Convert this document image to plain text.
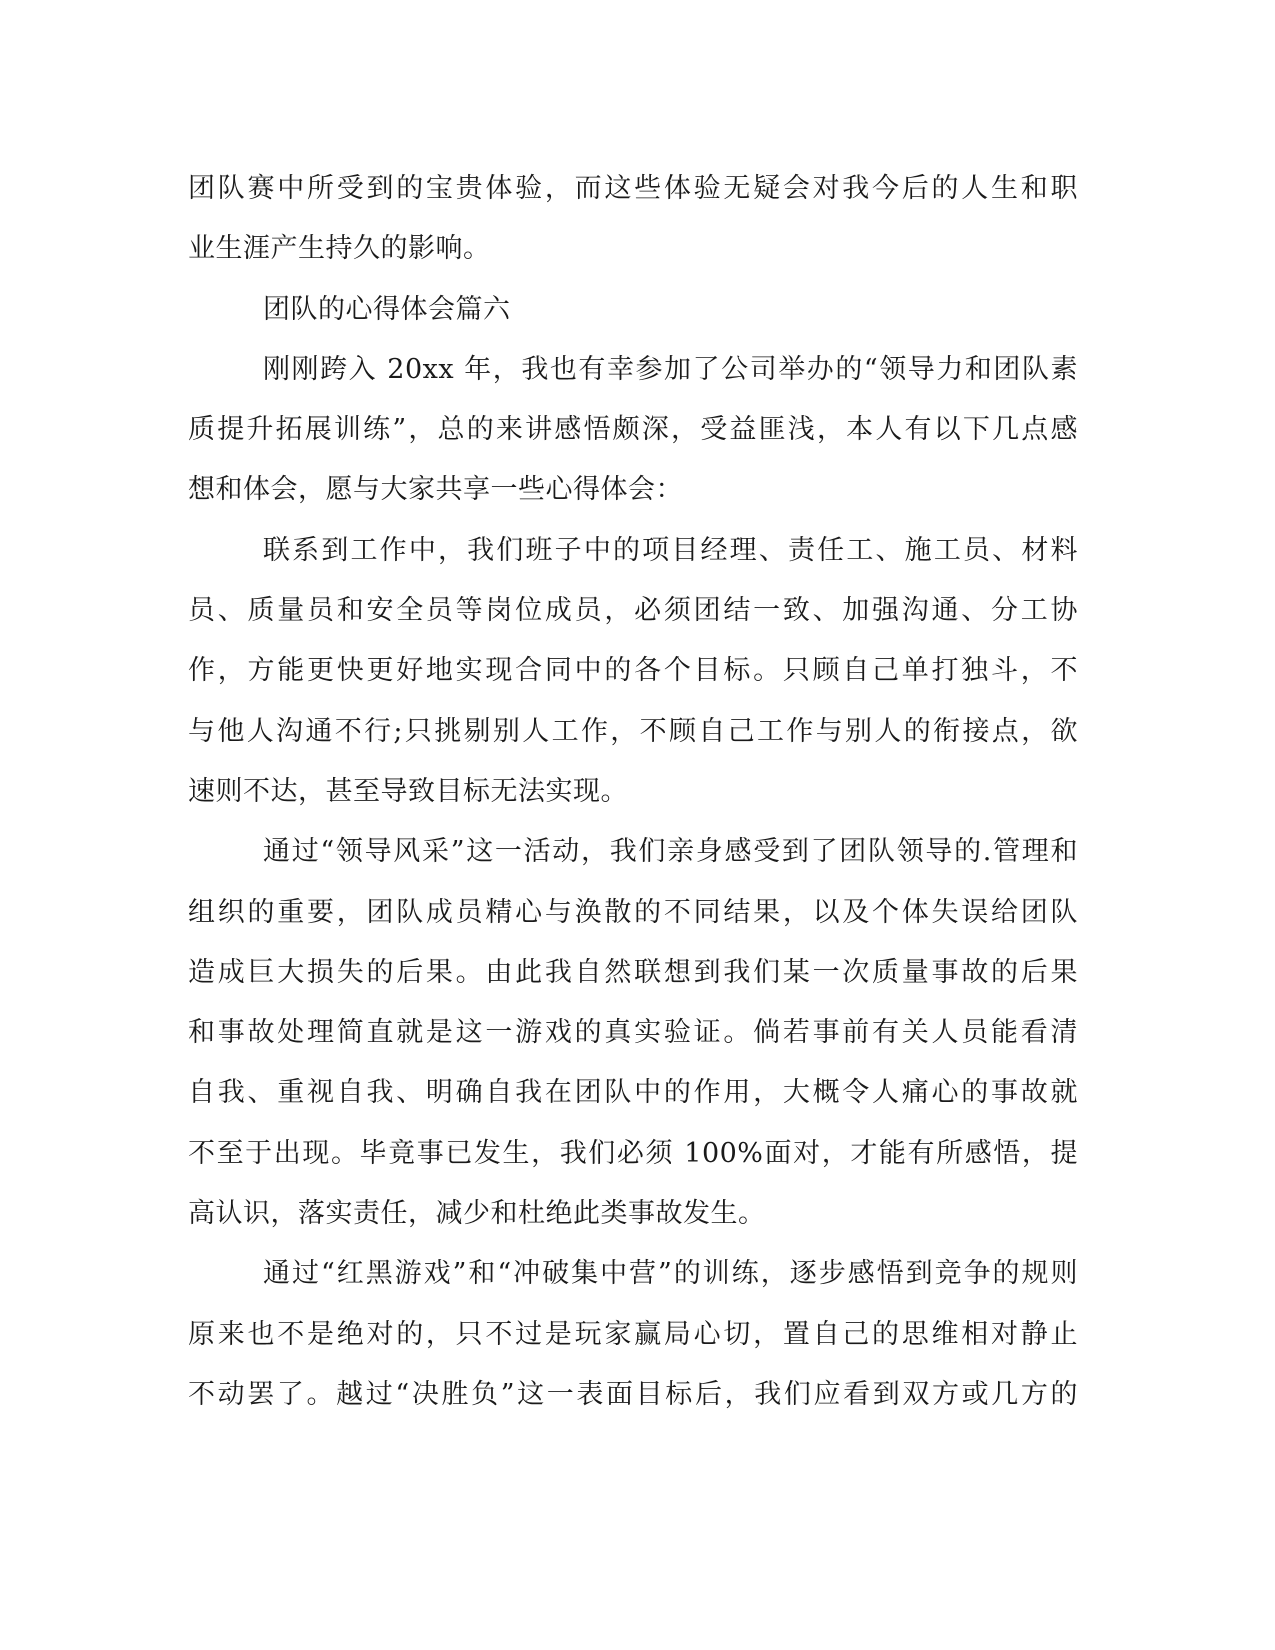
团队赛中所受到的宝贵体验，而这些体验无疑会对我今后的人生和职
业生涯产生持久的影响。
团队的心得体会篇六
刚刚跨入 20xx 年，我也有幸参加了公司举办的“领导力和团队素
质提升拓展训练”，总的来讲感悟颇深，受益匪浅，本人有以下几点感
想和体会，愿与大家共享一些心得体会：
联系到工作中，我们班子中的项目经理、责任工、施工员、材料
员、质量员和安全员等岗位成员，必须团结一致、加强沟通、分工协
作，方能更快更好地实现合同中的各个目标。只顾自己单打独斗，不
与他人沟通不行;只挑剔别人工作，不顾自己工作与别人的衔接点，欲
速则不达，甚至导致目标无法实现。
通过“领导风采”这一活动，我们亲身感受到了团队领导的.管理和
组织的重要，团队成员精心与涣散的不同结果，以及个体失误给团队
造成巨大损失的后果。由此我自然联想到我们某一次质量事故的后果
和事故处理简直就是这一游戏的真实验证。倘若事前有关人员能看清
自我、重视自我、明确自我在团队中的作用，大概令人痛心的事故就
不至于出现。毕竟事已发生，我们必须 100%面对，才能有所感悟，提
高认识，落实责任，减少和杜绝此类事故发生。
通过“红黑游戏”和“冲破集中营”的训练，逐步感悟到竞争的规则
原来也不是绝对的，只不过是玩家赢局心切，置自己的思维相对静止
不动罢了。越过“决胜负”这一表面目标后，我们应看到双方或几方的
